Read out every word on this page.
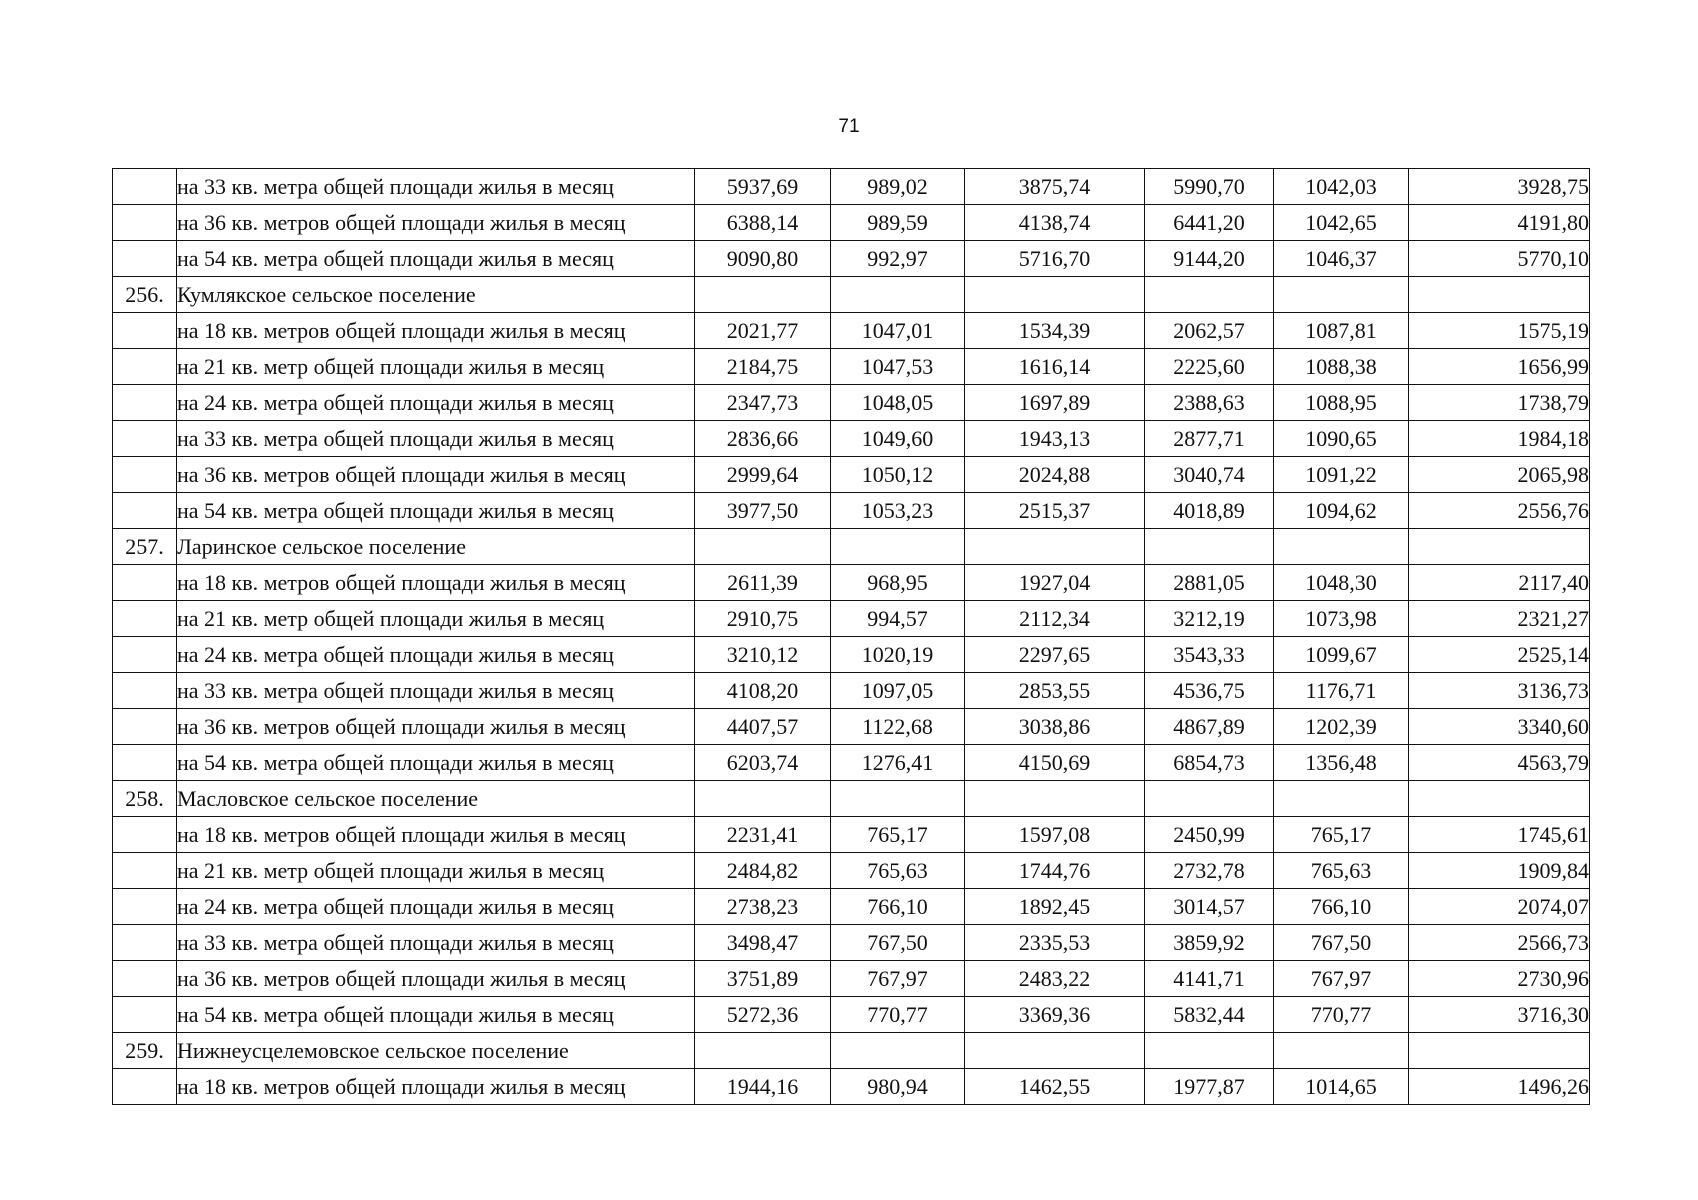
71
	на 33 кв. метра общей площади жилья в месяц	5937,69	989,02	3875,74	5990,70	1042,03	3928,75
	на 36 кв. метров общей площади жилья в месяц	6388,14	989,59	4138,74	6441,20	1042,65	4191,80
	на 54 кв. метра общей площади жилья в месяц	9090,80	992,97	5716,70	9144,20	1046,37	5770,10
256.	Кумлякское сельское поселение						
	на 18 кв. метров общей площади жилья в месяц	2021,77	1047,01	1534,39	2062,57	1087,81	1575,19
	на 21 кв. метр общей площади жилья в месяц	2184,75	1047,53	1616,14	2225,60	1088,38	1656,99
	на 24 кв. метра общей площади жилья в месяц	2347,73	1048,05	1697,89	2388,63	1088,95	1738,79
	на 33 кв. метра общей площади жилья в месяц	2836,66	1049,60	1943,13	2877,71	1090,65	1984,18
	на 36 кв. метров общей площади жилья в месяц	2999,64	1050,12	2024,88	3040,74	1091,22	2065,98
	на 54 кв. метра общей площади жилья в месяц	3977,50	1053,23	2515,37	4018,89	1094,62	2556,76
257.	Ларинское сельское поселение						
	на 18 кв. метров общей площади жилья в месяц	2611,39	968,95	1927,04	2881,05	1048,30	2117,40
	на 21 кв. метр общей площади жилья в месяц	2910,75	994,57	2112,34	3212,19	1073,98	2321,27
	на 24 кв. метра общей площади жилья в месяц	3210,12	1020,19	2297,65	3543,33	1099,67	2525,14
	на 33 кв. метра общей площади жилья в месяц	4108,20	1097,05	2853,55	4536,75	1176,71	3136,73
	на 36 кв. метров общей площади жилья в месяц	4407,57	1122,68	3038,86	4867,89	1202,39	3340,60
	на 54 кв. метра общей площади жилья в месяц	6203,74	1276,41	4150,69	6854,73	1356,48	4563,79
258.	Масловское сельское поселение						
	на 18 кв. метров общей площади жилья в месяц	2231,41	765,17	1597,08	2450,99	765,17	1745,61
	на 21 кв. метр общей площади жилья в месяц	2484,82	765,63	1744,76	2732,78	765,63	1909,84
	на 24 кв. метра общей площади жилья в месяц	2738,23	766,10	1892,45	3014,57	766,10	2074,07
	на 33 кв. метра общей площади жилья в месяц	3498,47	767,50	2335,53	3859,92	767,50	2566,73
	на 36 кв. метров общей площади жилья в месяц	3751,89	767,97	2483,22	4141,71	767,97	2730,96
	на 54 кв. метра общей площади жилья в месяц	5272,36	770,77	3369,36	5832,44	770,77	3716,30
259.	Нижнеусцелемовское сельское поселение						
	на 18 кв. метров общей площади жилья в месяц	1944,16	980,94	1462,55	1977,87	1014,65	1496,26
